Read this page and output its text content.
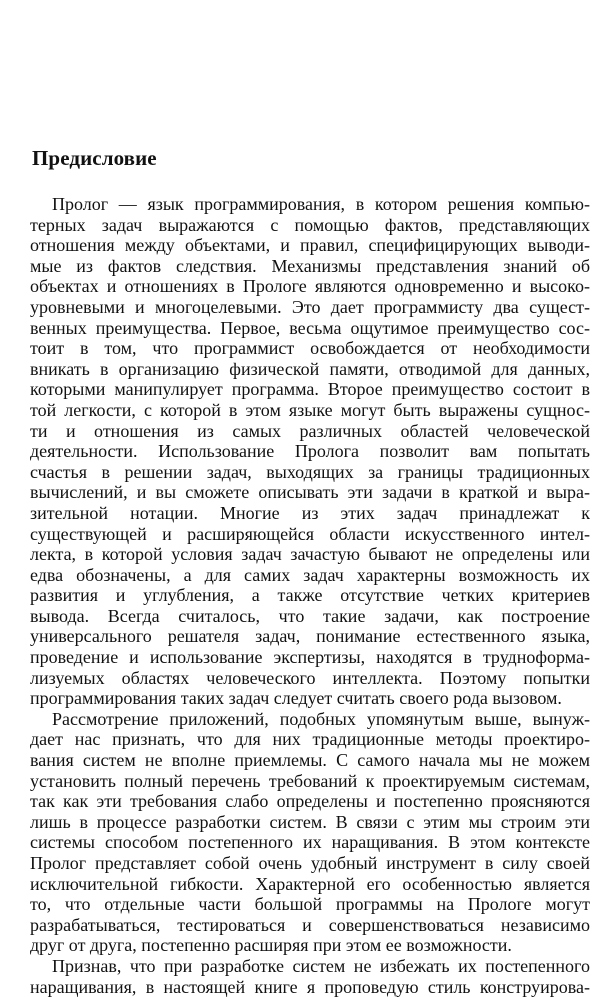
Предисловие
Пролог — язык программирования, в котором решения компью-
терных задач выражаются с помощью фактов, представляющих
отношения между объектами, и правил, специфицирующих выводи-
мые из фактов следствия. Механизмы представления знаний об
объектах и отношениях в Прологе являются одновременно и высоко-
уровневыми и многоцелевыми. Это дает программисту два сущест-
венных преимущества. Первое, весьма ощутимое преимущество сос-
тоит в том, что программист освобождается от необходимости
вникать в организацию физической памяти, отводимой для данных,
которыми манипулирует программа. Второе преимущество состоит в
той легкости, с которой в этом языке могут быть выражены сущнос-
ти и отношения из самых различных областей человеческой
деятельности. Использование Пролога позволит вам попытать
счастья в решении задач, выходящих за границы традиционных
вычислений, и вы сможете описывать эти задачи в краткой и выра-
зительной нотации. Многие из этих задач принадлежат к
существующей и расширяющейся области искусственного интел-
лекта, в которой условия задач зачастую бывают не определены или
едва обозначены, а для самих задач характерны возможность их
развития и углубления, а также отсутствие четких критериев
вывода. Всегда считалось, что такие задачи, как построение
универсального решателя задач, понимание естественного языка,
проведение и использование экспертизы, находятся в трудноформа-
лизуемых областях человеческого интеллекта. Поэтому попытки
программирования таких задач следует считать своего рода вызовом.
Рассмотрение приложений, подобных упомянутым выше, вынуж-
дает нас признать, что для них традиционные методы проектиро-
вания систем не вполне приемлемы. С самого начала мы не можем
установить полный перечень требований к проектируемым системам,
так как эти требования слабо определены и постепенно проясняются
лишь в процессе разработки систем. В связи с этим мы строим эти
системы способом постепенного их наращивания. В этом контексте
Пролог представляет собой очень удобный инструмент в силу своей
исключительной гибкости. Характерной его особенностью является
то, что отдельные части большой программы на Прологе могут
разрабатываться, тестироваться и совершенствоваться независимо
друг от друга, постепенно расширяя при этом ее возможности.
Признав, что при разработке систем не избежать их постепенного
наращивания, в настоящей книге я проповедую стиль конструирова-
